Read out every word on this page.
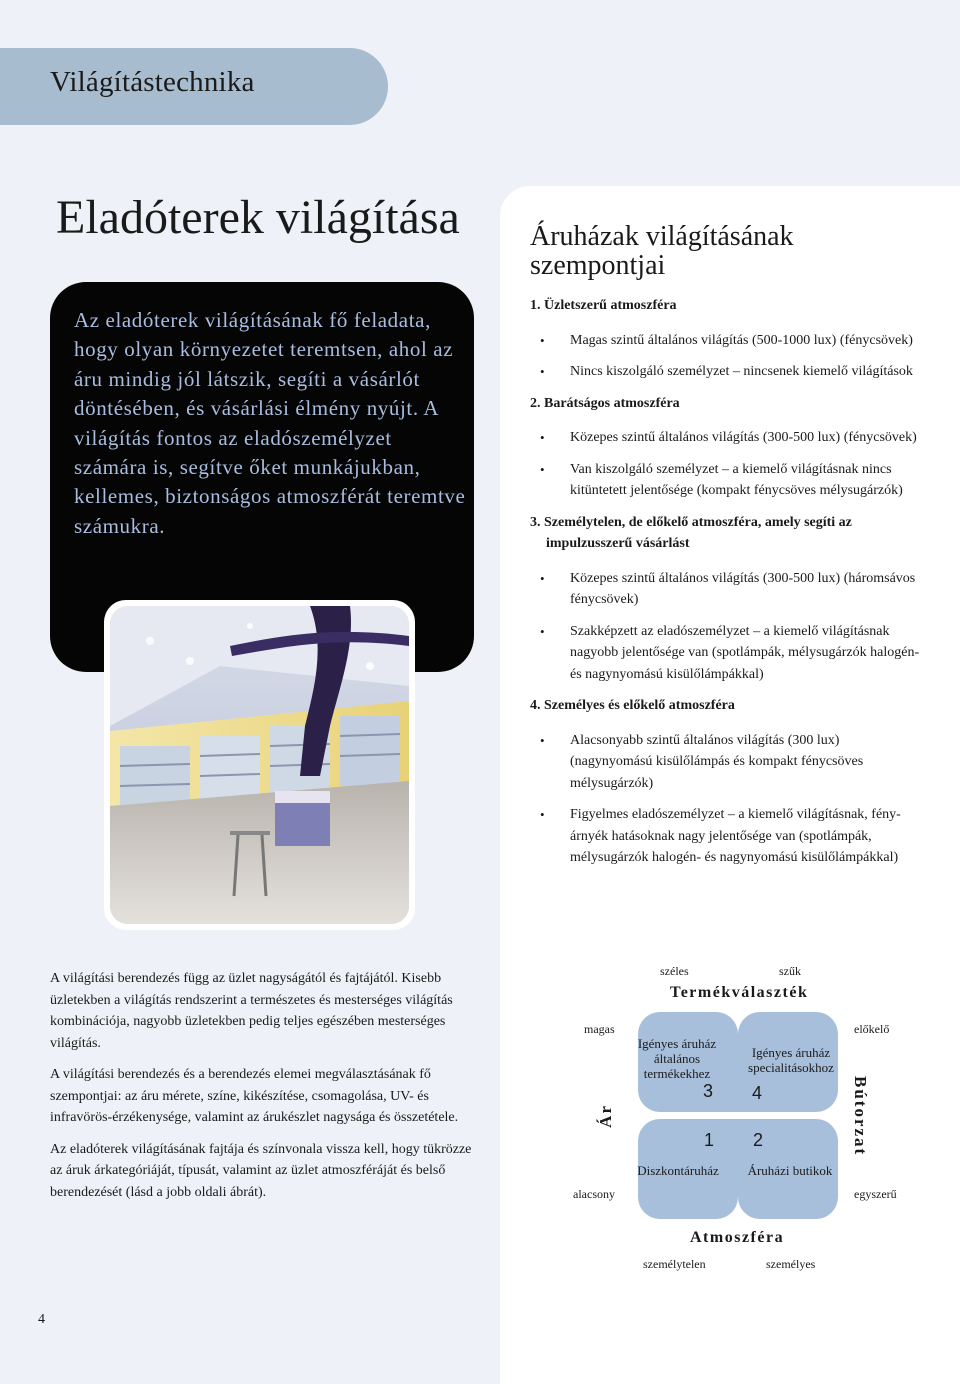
Világítástechnika
Eladóterek világítása
Az eladóterek világításának fő feladata, hogy olyan környezetet teremtsen, ahol az áru mindig jól látszik, segíti a vásárlót döntésében, és vásárlási élmény nyújt. A világítás fontos az eladószemélyzet számára is, segítve őket munkájukban, kellemes, biztonságos atmoszférát teremtve számukra.
Áruházak világításának szempontjai
1. Üzletszerű atmoszféra
• Magas szintű általános világítás (500-1000 lux) (fénycsövek)
• Nincs kiszolgáló személyzet – nincsenek kiemelő világítások
2. Barátságos atmoszféra
• Közepes szintű általános világítás (300-500 lux) (fénycsövek)
• Van kiszolgáló személyzet – a kiemelő világításnak nincs kitüntetett jelentősége (kompakt fénycsöves mélysugárzók)
3. Személytelen, de előkelő atmoszféra, amely segíti az
impulzusszerű vásárlást
• Közepes szintű általános világítás (300-500 lux) (háromsávos fénycsövek)
• Szakképzett az eladószemélyzet – a kiemelő világításnak nagyobb jelentősége van (spotlámpák, mélysugárzók halogén- és nagynyomású kisülőlámpákkal)
4. Személyes és előkelő atmoszféra
• Alacsonyabb szintű általános világítás (300 lux) (nagynyomású kisülőlámpás és kompakt fénycsöves mélysugárzók)
• Figyelmes eladószemélyzet – a kiemelő világításnak, fény-árnyék hatásoknak nagy jelentősége van (spotlámpák, mélysugárzók halogén- és nagynyomású kisülőlámpákkal)

A világítási berendezés függ az üzlet nagyságától és fajtájától. Kisebb üzletekben a világítás rendszerint a természetes és mesterséges világítás kombinációja, nagyobb üzletekben pedig teljes egészében mesterséges világítás.

A világítási berendezés és a berendezés elemei megválasztásának fő szempontjai: az áru mérete, színe, kikészítése, csomagolása, UV- és infravörös-érzékenysége, valamint az árukészlet nagysága és összetétele.

Az eladóterek világításának fajtája és színvonala vissza kell, hogy tükrözze az áruk árkategóriáját, típusát, valamint az üzlet atmoszféráját és belső berendezését (lásd a jobb oldali ábrát).

széles	szűk
Termékválaszték
magas
alacsony
Ár
előkelő
egyszerű
Bútorzat
Igényes áruház általános termékekhez
3
Igényes áruház specialitásokhoz
4
1
Diszkontáruház
2
Áruházi butikok
Atmoszféra
személytelen	személyes
4
